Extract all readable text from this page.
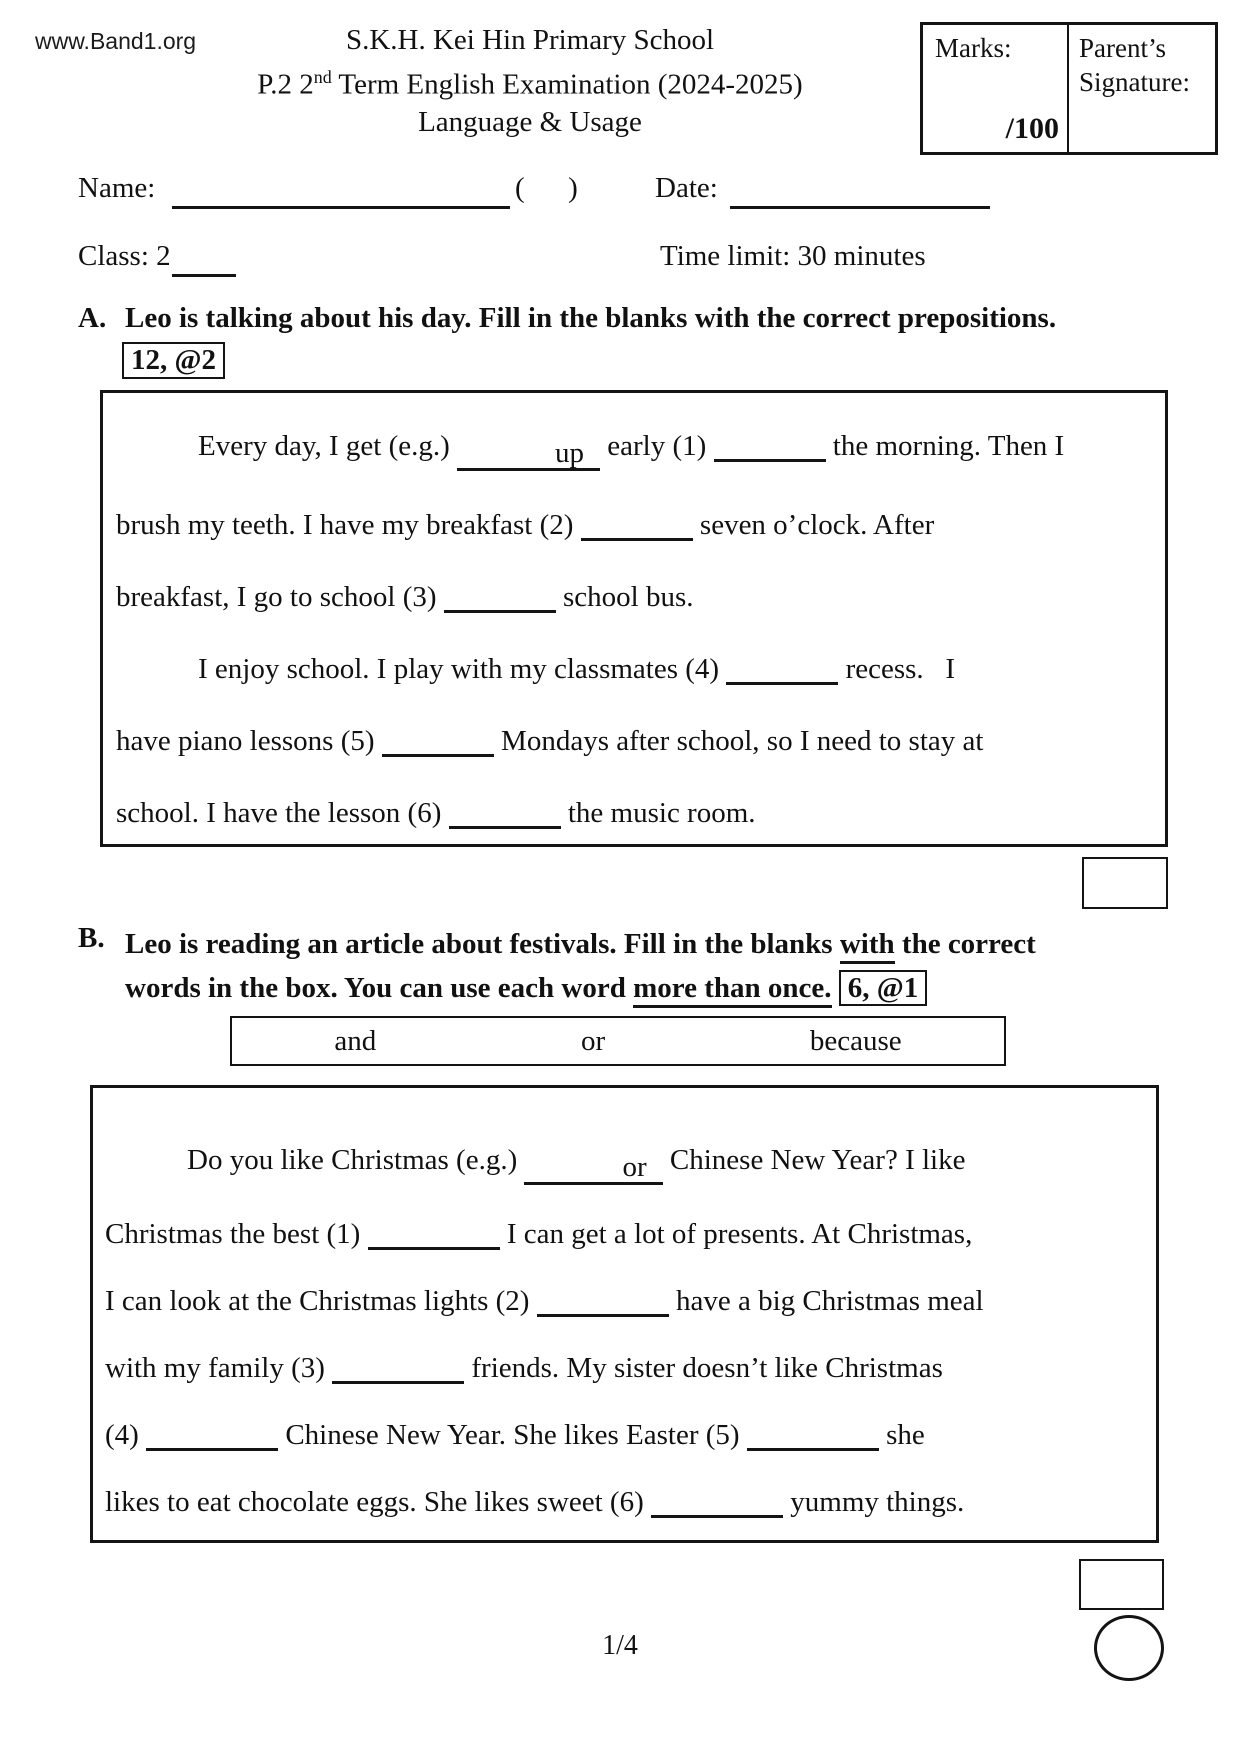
www.Band1.org	S.K.H. Kei Hin Primary School
P.2 2nd Term English Examination (2024-2025)
Language & Usage
Marks:
/100
Parent’s Signature:
Name:	(      )	Date:
Class: 2	Time limit: 30 minutes
A. Leo is talking about his day. Fill in the blanks with the correct prepositions.
12, @2
Every day, I get (e.g.)	up early (1)	the morning. Then I
brush my teeth. I have my breakfast (2)	seven o’clock. After
breakfast, I go to school (3)	school bus.
I enjoy school. I play with my classmates (4)	recess.   I
have piano lessons (5)	Mondays after school, so I need to stay at
school. I have the lesson (6)	the music room.
B. Leo is reading an article about festivals. Fill in the blanks with the correct
words in the box. You can use each word more than once. 6, @1
and	or	because
Do you like Christmas (e.g.)	or Chinese New Year? I like
Christmas the best (1)	I can get a lot of presents. At Christmas,
I can look at the Christmas lights (2)	have a big Christmas meal
with my family (3)	friends. My sister doesn’t like Christmas
(4)	Chinese New Year. She likes Easter (5)	she
likes to eat chocolate eggs. She likes sweet (6)	yummy things.
1/4
